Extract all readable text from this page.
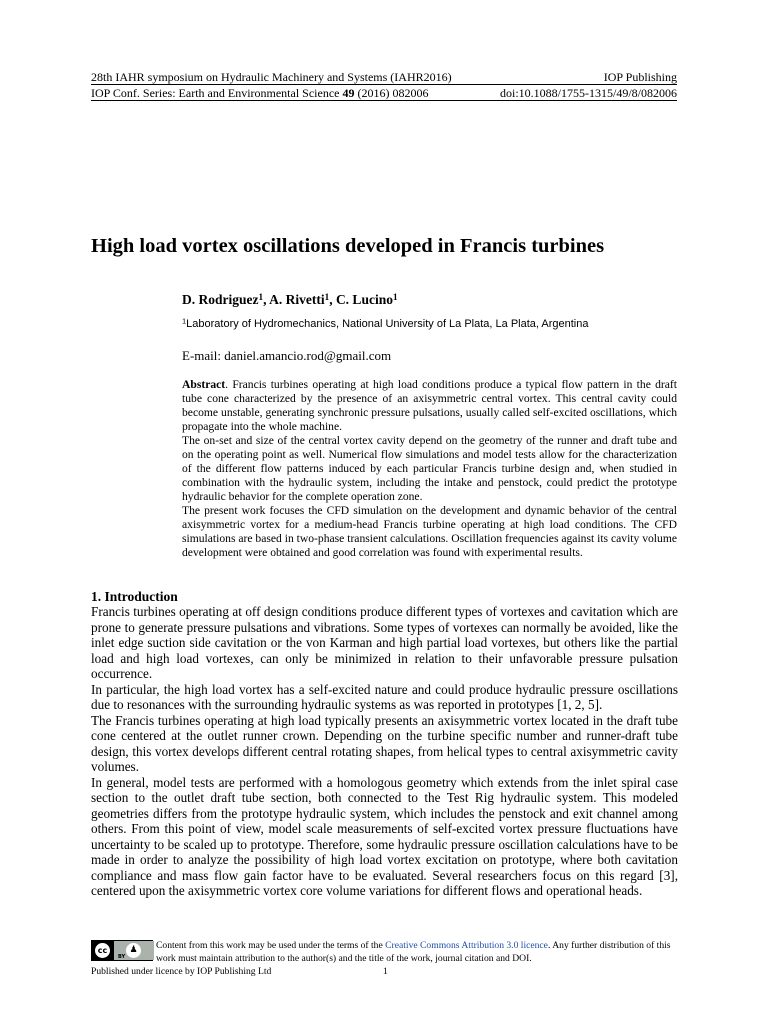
28th IAHR symposium on Hydraulic Machinery and Systems (IAHR2016)	IOP Publishing
IOP Conf. Series: Earth and Environmental Science 49 (2016) 082006	doi:10.1088/1755-1315/49/8/082006
High load vortex oscillations developed in Francis turbines
D. Rodriguez$^1$, A. Rivetti$^1$, C. Lucino$^1$
$^1$Laboratory of Hydromechanics, National University of La Plata, La Plata, Argentina
E-mail: daniel.amancio.rod@gmail.com

Abstract. Francis turbines operating at high load conditions produce a typical flow pattern in the draft tube cone characterized by the presence of an axisymmetric central vortex. This central cavity could become unstable, generating synchronic pressure pulsations, usually called self-excited oscillations, which propagate into the whole machine.

The on-set and size of the central vortex cavity depend on the geometry of the runner and draft tube and on the operating point as well. Numerical flow simulations and model tests allow for the characterization of the different flow patterns induced by each particular Francis turbine design and, when studied in combination with the hydraulic system, including the intake and penstock, could predict the prototype hydraulic behavior for the complete operation zone.

The present work focuses the CFD simulation on the development and dynamic behavior of the central axisymmetric vortex for a medium-head Francis turbine operating at high load conditions. The CFD simulations are based in two-phase transient calculations. Oscillation frequencies against its cavity volume development were obtained and good correlation was found with experimental results.

1. Introduction

Francis turbines operating at off design conditions produce different types of vortexes and cavitation which are prone to generate pressure pulsations and vibrations. Some types of vortexes can normally be avoided, like the inlet edge suction side cavitation or the von Karman and high partial load vortexes, but others like the partial load and high load vortexes, can only be minimized in relation to their unfavorable pressure pulsation occurrence.

In particular, the high load vortex has a self-excited nature and could produce hydraulic pressure oscillations due to resonances with the surrounding hydraulic systems as was reported in prototypes [1, 2, 5].

The Francis turbines operating at high load typically presents an axisymmetric vortex located in the draft tube cone centered at the outlet runner crown. Depending on the turbine specific number and runner-draft tube design, this vortex develops different central rotating shapes, from helical types to central axisymmetric cavity volumes.

In general, model tests are performed with a homologous geometry which extends from the inlet spiral case section to the outlet draft tube section, both connected to the Test Rig hydraulic system. This modeled geometries differs from the prototype hydraulic system, which includes the penstock and exit channel among others. From this point of view, model scale measurements of self-excited vortex pressure fluctuations have uncertainty to be scaled up to prototype. Therefore, some hydraulic pressure oscillation calculations have to be made in order to analyze the possibility of high load vortex excitation on prototype, where both cavitation compliance and mass flow gain factor have to be evaluated. Several researchers focus on this regard [3], centered upon the axisymmetric vortex core volume variations for different flows and operational heads.

cc	♟
BY
Content from this work may be used under the terms of the Creative Commons Attribution 3.0 licence. Any further distribution of this work must maintain attribution to the author(s) and the title of the work, journal citation and DOI.
Published under licence by IOP Publishing Ltd	1
